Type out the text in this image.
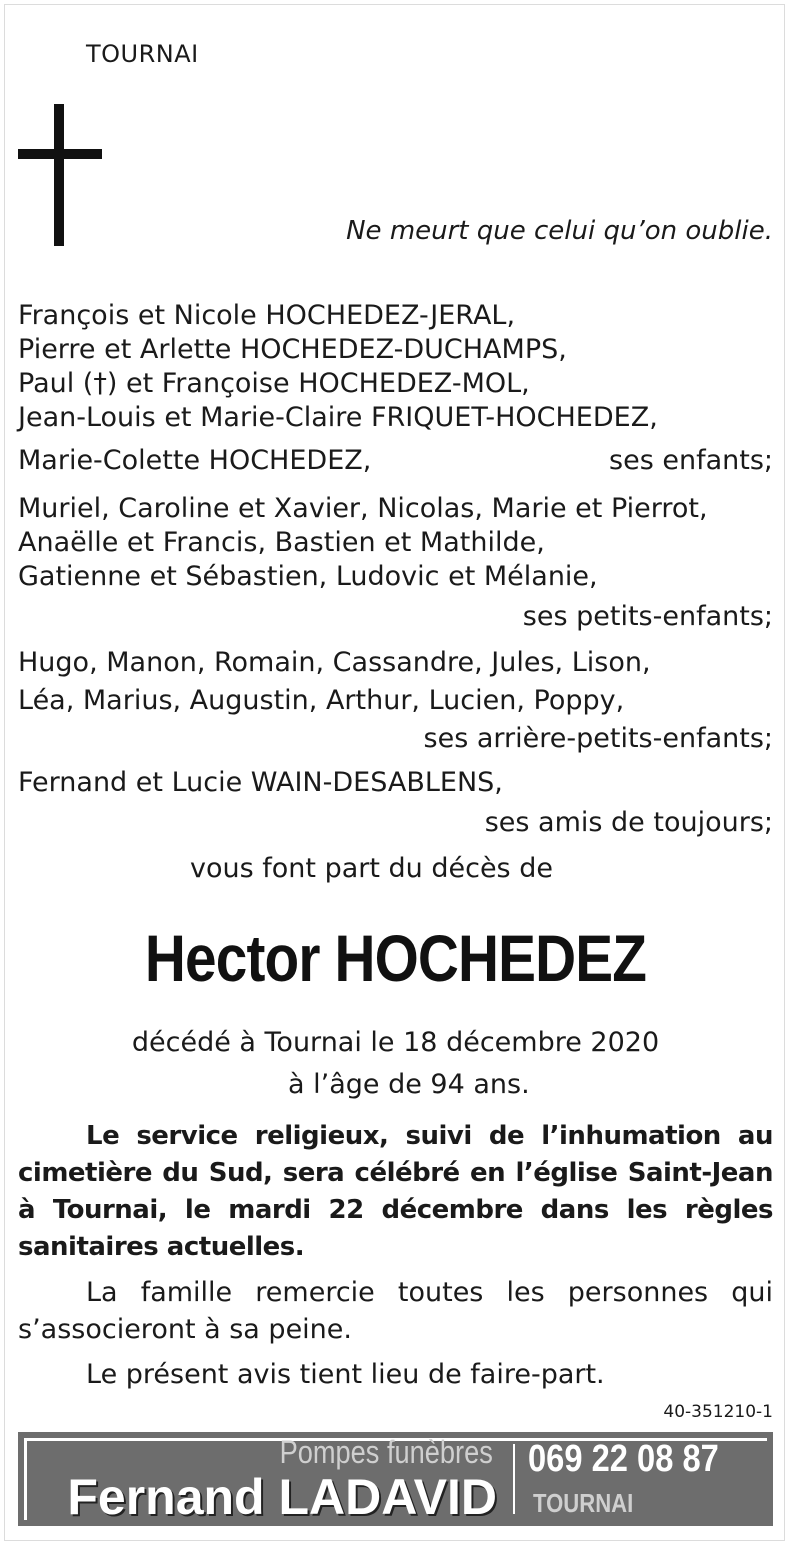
TOURNAI
Ne meurt que celui qu’on oublie.
François et Nicole HOCHEDEZ-JERAL,
Pierre et Arlette HOCHEDEZ-DUCHAMPS,
Paul (†) et Françoise HOCHEDEZ-MOL,
Jean-Louis et Marie-Claire FRIQUET-HOCHEDEZ,
Marie-Colette HOCHEDEZ,	ses enfants;
Muriel, Caroline et Xavier, Nicolas, Marie et Pierrot,
Anaëlle et Francis, Bastien et Mathilde,
Gatienne et Sébastien, Ludovic et Mélanie,
ses petits-enfants;
Hugo, Manon, Romain, Cassandre, Jules, Lison,
Léa, Marius, Augustin, Arthur, Lucien, Poppy,
ses arrière-petits-enfants;
Fernand et Lucie WAIN-DESABLENS,
ses amis de toujours;
vous font part du décès de
Hector HOCHEDEZ
décédé à Tournai le 18 décembre 2020
à l’âge de 94 ans.
Le service religieux, suivi de l’inhumation au cimetière du Sud, sera célébré en l’église Saint-Jean à Tournai, le mardi 22 décembre dans les règles sanitaires actuelles.
La famille remercie toutes les personnes qui s’associeront à sa peine.
Le présent avis tient lieu de faire-part.
40-351210-1
Pompes funèbres
Fernand LADAVID
069 22 08 87
TOURNAI
